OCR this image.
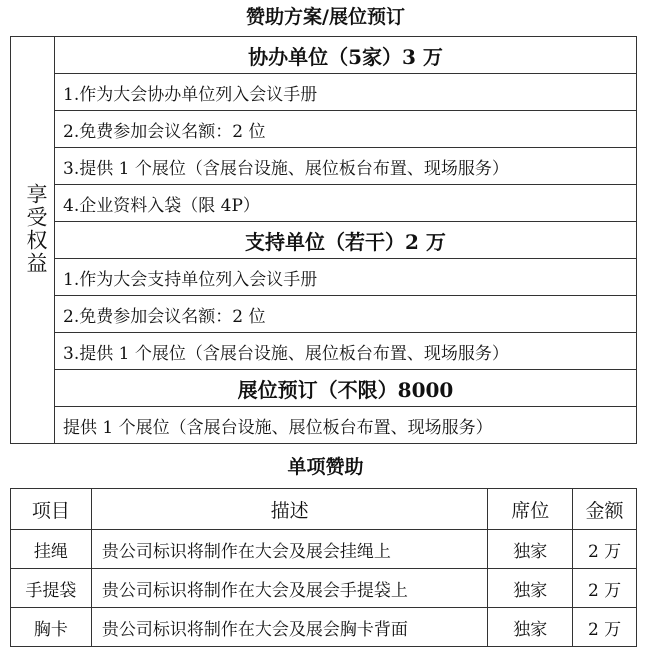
赞助方案/展位预订
享受权益
协办单位（5家）3 万
1.作为大会协办单位列入会议手册
2.免费参加会议名额：2 位
3.提供 1 个展位（含展台设施、展位板台布置、现场服务）
4.企业资料入袋（限 4P）
支持单位（若干）2 万
1.作为大会支持单位列入会议手册
2.免费参加会议名额：2 位
3.提供 1 个展位（含展台设施、展位板台布置、现场服务）
展位预订（不限）8000
提供 1 个展位（含展台设施、展位板台布置、现场服务）
单项赞助
项目	描述	席位	金额
挂绳	贵公司标识将制作在大会及展会挂绳上	独家	2 万
手提袋	贵公司标识将制作在大会及展会手提袋上	独家	2 万
胸卡	贵公司标识将制作在大会及展会胸卡背面	独家	2 万
